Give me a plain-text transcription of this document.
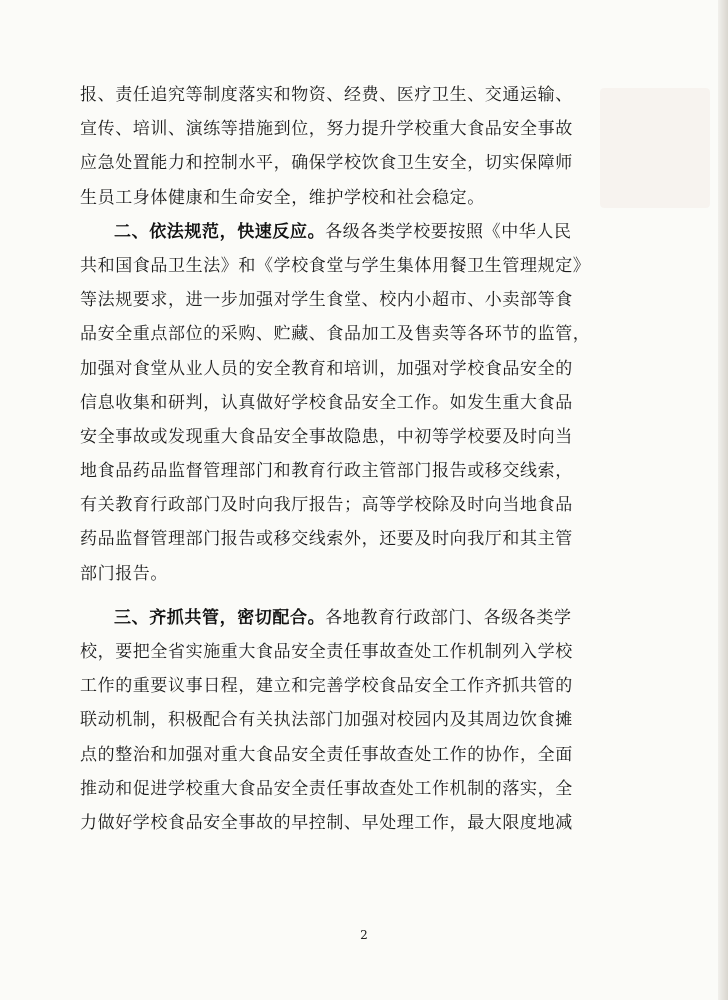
报、责任追究等制度落实和物资、经费、医疗卫生、交通运输、
宣传、培训、演练等措施到位，努力提升学校重大食品安全事故
应急处置能力和控制水平，确保学校饮食卫生安全，切实保障师
生员工身体健康和生命安全，维护学校和社会稳定。
二、依法规范，快速反应。各级各类学校要按照《中华人民
共和国食品卫生法》和《学校食堂与学生集体用餐卫生管理规定》
等法规要求，进一步加强对学生食堂、校内小超市、小卖部等食
品安全重点部位的采购、贮藏、食品加工及售卖等各环节的监管，
加强对食堂从业人员的安全教育和培训，加强对学校食品安全的
信息收集和研判，认真做好学校食品安全工作。如发生重大食品
安全事故或发现重大食品安全事故隐患，中初等学校要及时向当
地食品药品监督管理部门和教育行政主管部门报告或移交线索，
有关教育行政部门及时向我厅报告；高等学校除及时向当地食品
药品监督管理部门报告或移交线索外，还要及时向我厅和其主管
部门报告。
三、齐抓共管，密切配合。各地教育行政部门、各级各类学
校，要把全省实施重大食品安全责任事故查处工作机制列入学校
工作的重要议事日程，建立和完善学校食品安全工作齐抓共管的
联动机制，积极配合有关执法部门加强对校园内及其周边饮食摊
点的整治和加强对重大食品安全责任事故查处工作的协作，全面
推动和促进学校重大食品安全责任事故查处工作机制的落实，全
力做好学校食品安全事故的早控制、早处理工作，最大限度地减
2
